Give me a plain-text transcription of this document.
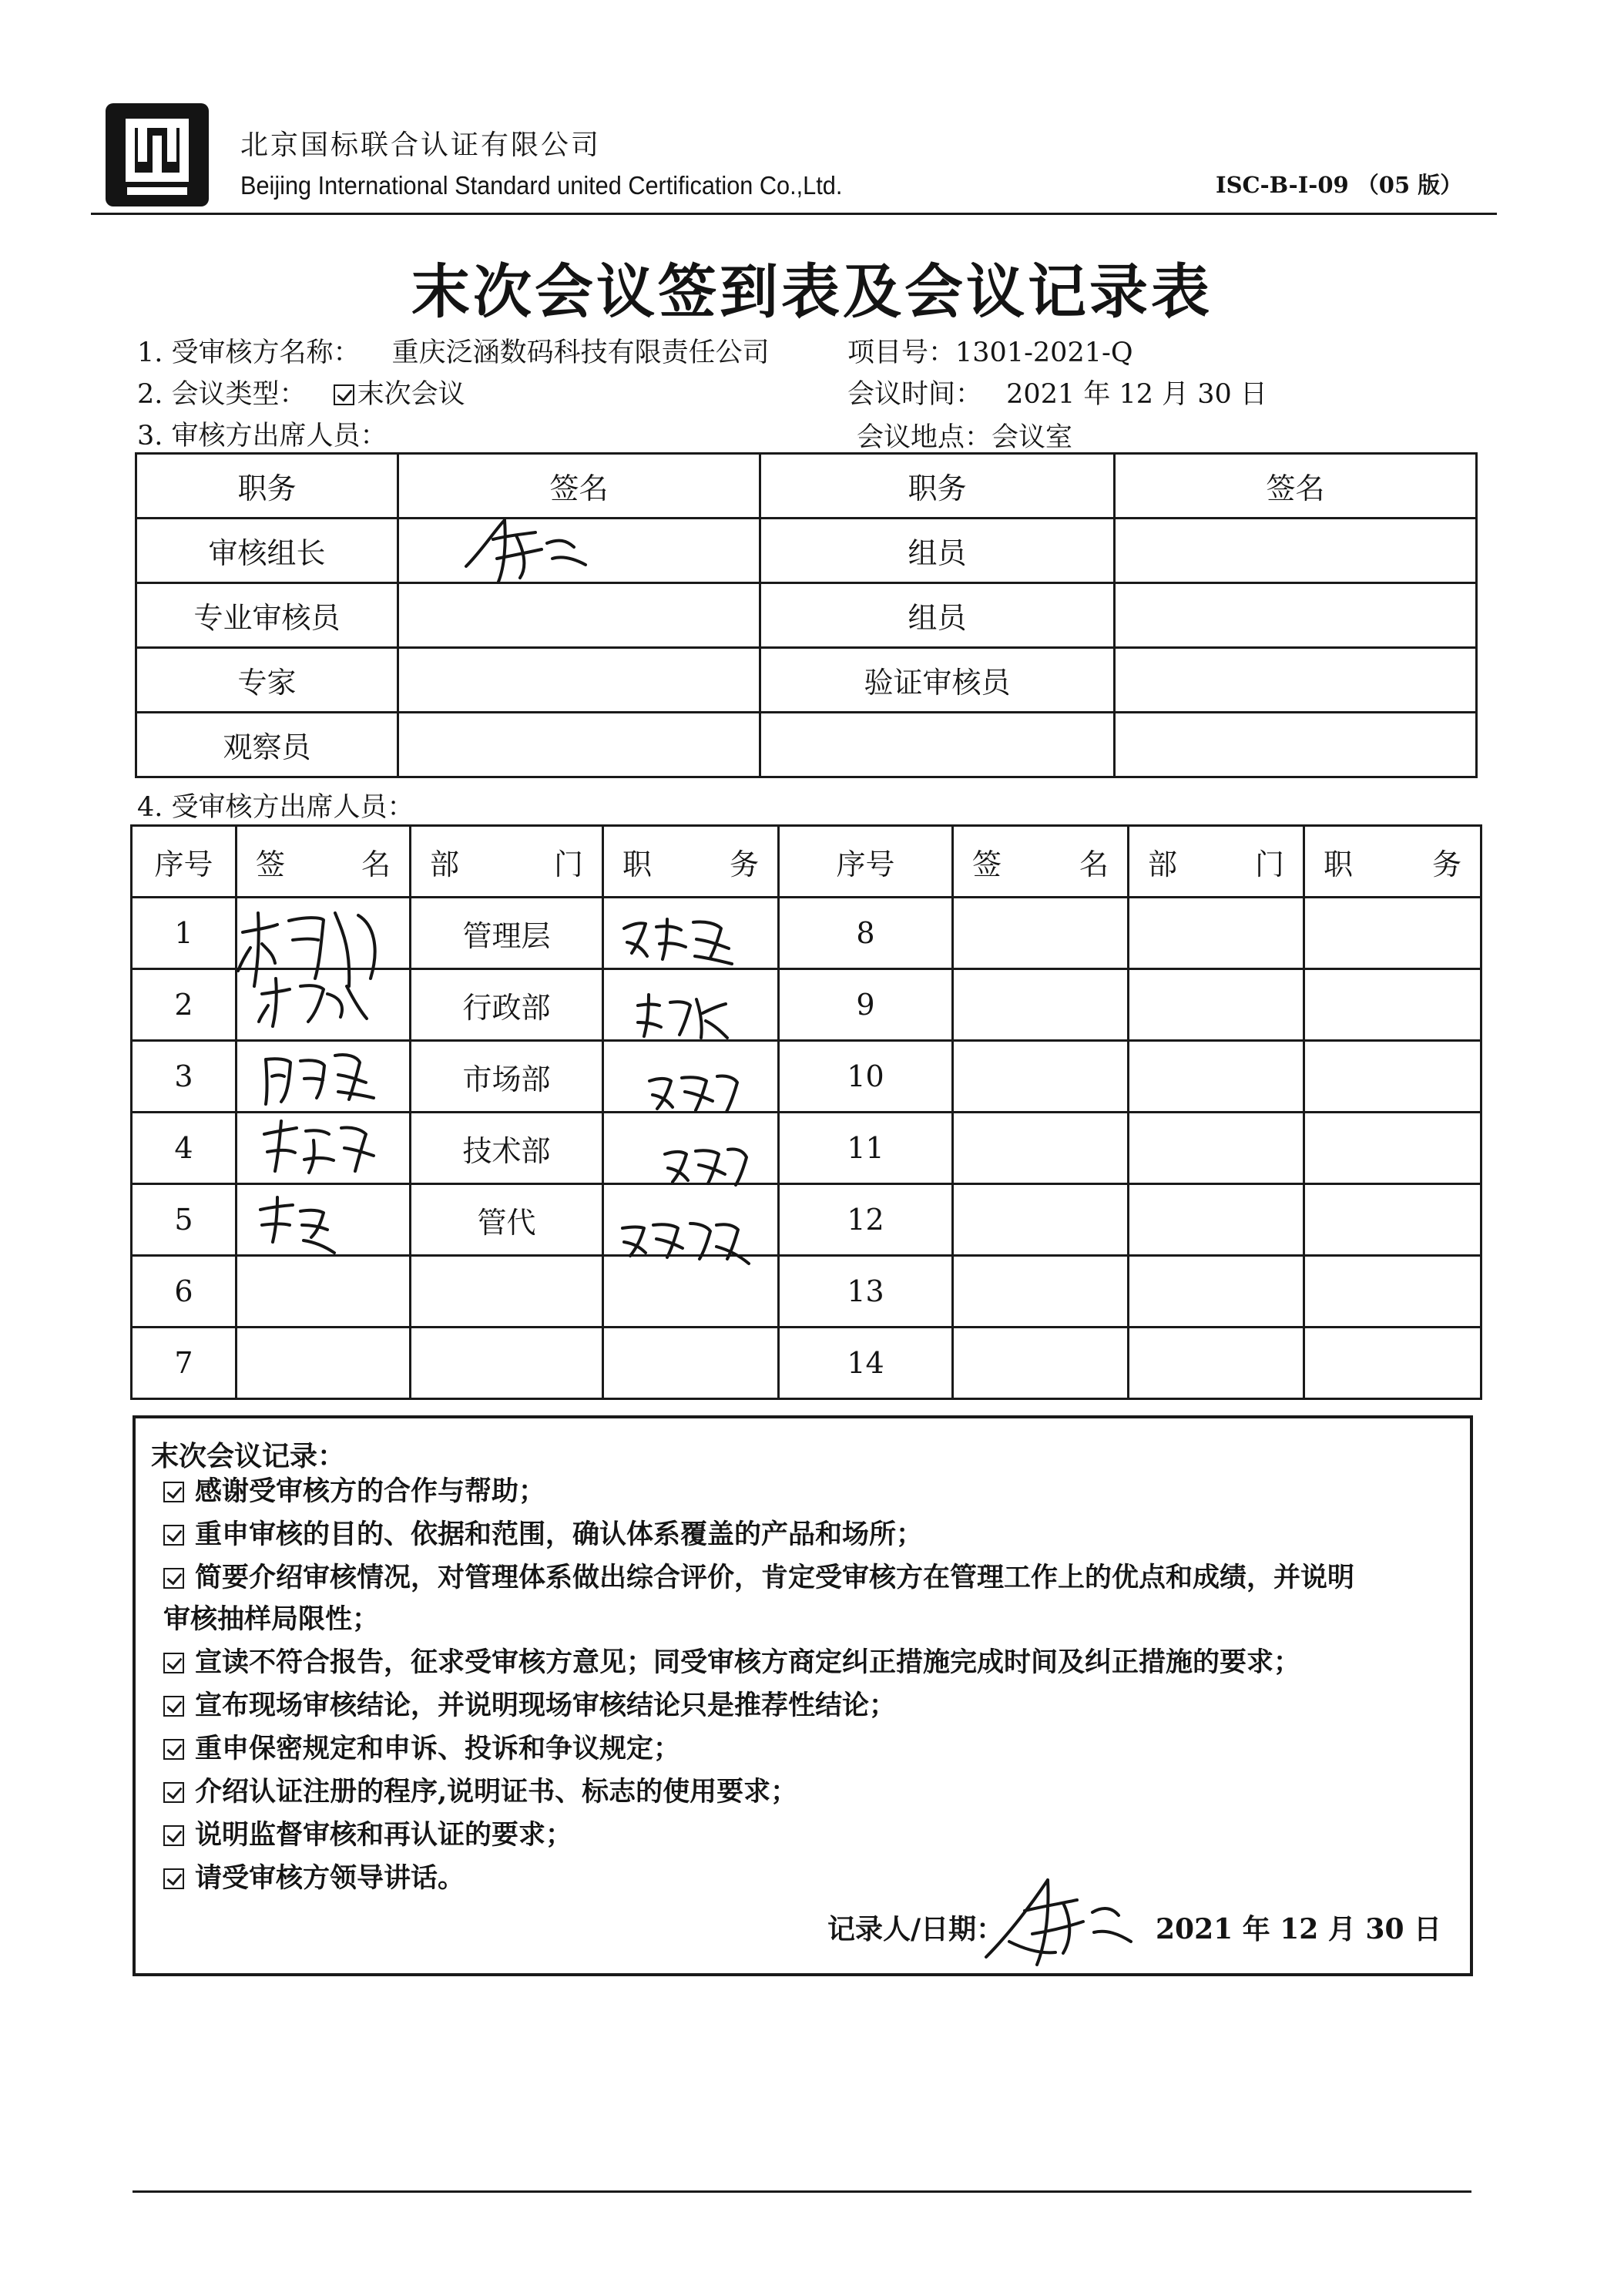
北京国标联合认证有限公司
Beijing International Standard united Certification Co.,Ltd.	ISC-B-I-09 （05 版）
末次会议签到表及会议记录表
1. 受审核方名称： 重庆泛涵数码科技有限责任公司	项目号：1301-2021-Q
2. 会议类型： 末次会议	会议时间： 2021 年 12 月 30 日
3. 审核方出席人员：	会议地点：会议室
职务	签名	职务	签名
审核组长		组员	
专业审核员		组员	
专家		验证审核员	
观察员			
4. 受审核方出席人员：
序号	签 名	部 门	职 务	序号	签 名	部 门	职 务

1		管理层		8			
2		行政部		9			
3		市场部		10			
4		技术部		11			
5		管代		12			
6				13			
7				14			
末次会议记录：
感谢受审核方的合作与帮助；
重申审核的目的、依据和范围，确认体系覆盖的产品和场所；
简要介绍审核情况，对管理体系做出综合评价，肯定受审核方在管理工作上的优点和成绩，并说明
审核抽样局限性；
宣读不符合报告，征求受审核方意见；同受审核方商定纠正措施完成时间及纠正措施的要求；
宣布现场审核结论，并说明现场审核结论只是推荐性结论；
重申保密规定和申诉、投诉和争议规定；
介绍认证注册的程序,说明证书、标志的使用要求；
说明监督审核和再认证的要求；
请受审核方领导讲话。
记录人/日期：	2021 年 12 月 30 日
